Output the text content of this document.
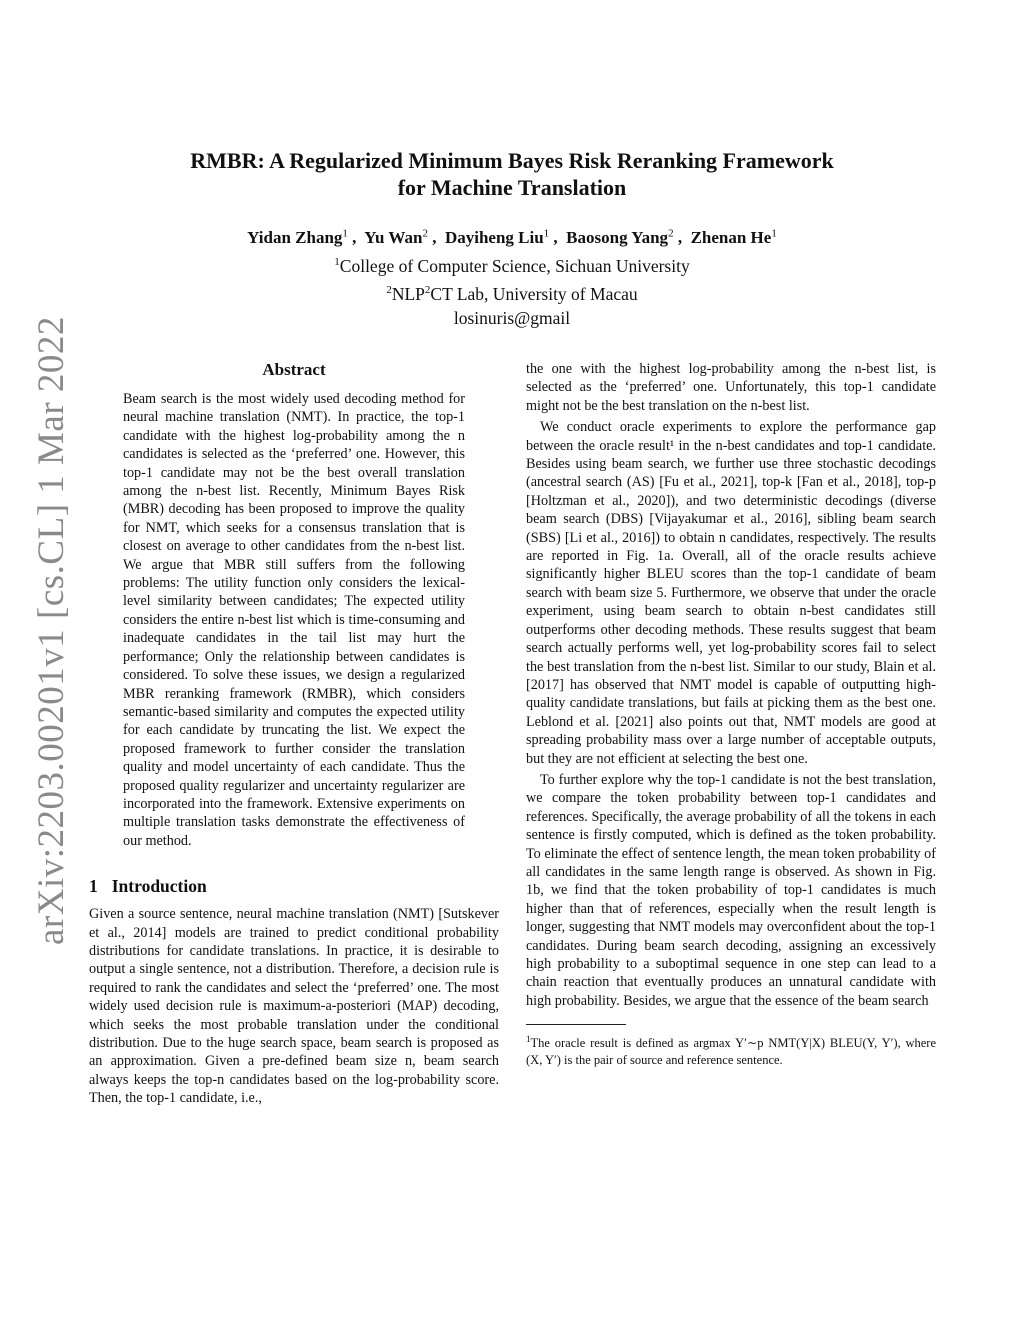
arXiv:2203.00201v1 [cs.CL] 1 Mar 2022
RMBR: A Regularized Minimum Bayes Risk Reranking Framework
for Machine Translation
Yidan Zhang$^1$ ,  Yu Wan$^2$ ,  Dayiheng Liu$^1$ ,  Baosong Yang$^2$ ,  Zhenan He$^1$
$^1$College of Computer Science, Sichuan University
$^2$NLP$^2$CT Lab, University of Macau
losinuris@gmail
Abstract

Beam search is the most widely used decoding method for neural machine translation (NMT). In practice, the top-1 candidate with the highest log-probability among the n candidates is selected as the ‘preferred’ one. However, this top-1 candidate may not be the best overall translation among the n-best list. Recently, Minimum Bayes Risk (MBR) decoding has been proposed to improve the quality for NMT, which seeks for a consensus translation that is closest on average to other candidates from the n-best list. We argue that MBR still suffers from the following problems: The utility function only considers the lexical-level similarity between candidates; The expected utility considers the entire n-best list which is time-consuming and inadequate candidates in the tail list may hurt the performance; Only the relationship between candidates is considered. To solve these issues, we design a regularized MBR reranking framework (RMBR), which considers semantic-based similarity and computes the expected utility for each candidate by truncating the list. We expect the proposed framework to further consider the translation quality and model uncertainty of each candidate. Thus the proposed quality regularizer and uncertainty regularizer are incorporated into the framework. Extensive experiments on multiple translation tasks demonstrate the effectiveness of our method.

1 Introduction

Given a source sentence, neural machine translation (NMT) [Sutskever et al., 2014] models are trained to predict conditional probability distributions for candidate translations. In practice, it is desirable to output a single sentence, not a distribution. Therefore, a decision rule is required to rank the candidates and select the ‘preferred’ one. The most widely used decision rule is maximum-a-posteriori (MAP) decoding, which seeks the most probable translation under the conditional distribution. Due to the huge search space, beam search is proposed as an approximation. Given a pre-defined beam size n, beam search always keeps the top-n candidates based on the log-probability score. Then, the top-1 candidate, i.e.,

the one with the highest log-probability among the n-best list, is selected as the ‘preferred’ one. Unfortunately, this top-1 candidate might not be the best translation on the n-best list.

We conduct oracle experiments to explore the performance gap between the oracle result¹ in the n-best candidates and top-1 candidate. Besides using beam search, we further use three stochastic decodings (ancestral search (AS) [Fu et al., 2021], top-k [Fan et al., 2018], top-p [Holtzman et al., 2020]), and two deterministic decodings (diverse beam search (DBS) [Vijayakumar et al., 2016], sibling beam search (SBS) [Li et al., 2016]) to obtain n candidates, respectively. The results are reported in Fig. 1a. Overall, all of the oracle results achieve significantly higher BLEU scores than the top-1 candidate of beam search with beam size 5. Furthermore, we observe that under the oracle experiment, using beam search to obtain n-best candidates still outperforms other decoding methods. These results suggest that beam search actually performs well, yet log-probability scores fail to select the best translation from the n-best list. Similar to our study, Blain et al. [2017] has observed that NMT model is capable of outputting high-quality candidate translations, but fails at picking them as the best one. Leblond et al. [2021] also points out that, NMT models are good at spreading probability mass over a large number of acceptable outputs, but they are not efficient at selecting the best one.

To further explore why the top-1 candidate is not the best translation, we compare the token probability between top-1 candidates and references. Specifically, the average probability of all the tokens in each sentence is firstly computed, which is defined as the token probability. To eliminate the effect of sentence length, the mean token probability of all candidates in the same length range is observed. As shown in Fig. 1b, we find that the token probability of top-1 candidates is much higher than that of references, especially when the result length is longer, suggesting that NMT models may overconfident about the top-1 candidates. During beam search decoding, assigning an excessively high probability to a suboptimal sequence in one step can lead to a chain reaction that eventually produces an unnatural candidate with high probability. Besides, we argue that the essence of the beam search

$^1$The oracle result is defined as argmax Y′∼p NMT(Y|X) BLEU(Y, Y′), where (X, Y′) is the pair of source and reference sentence.
